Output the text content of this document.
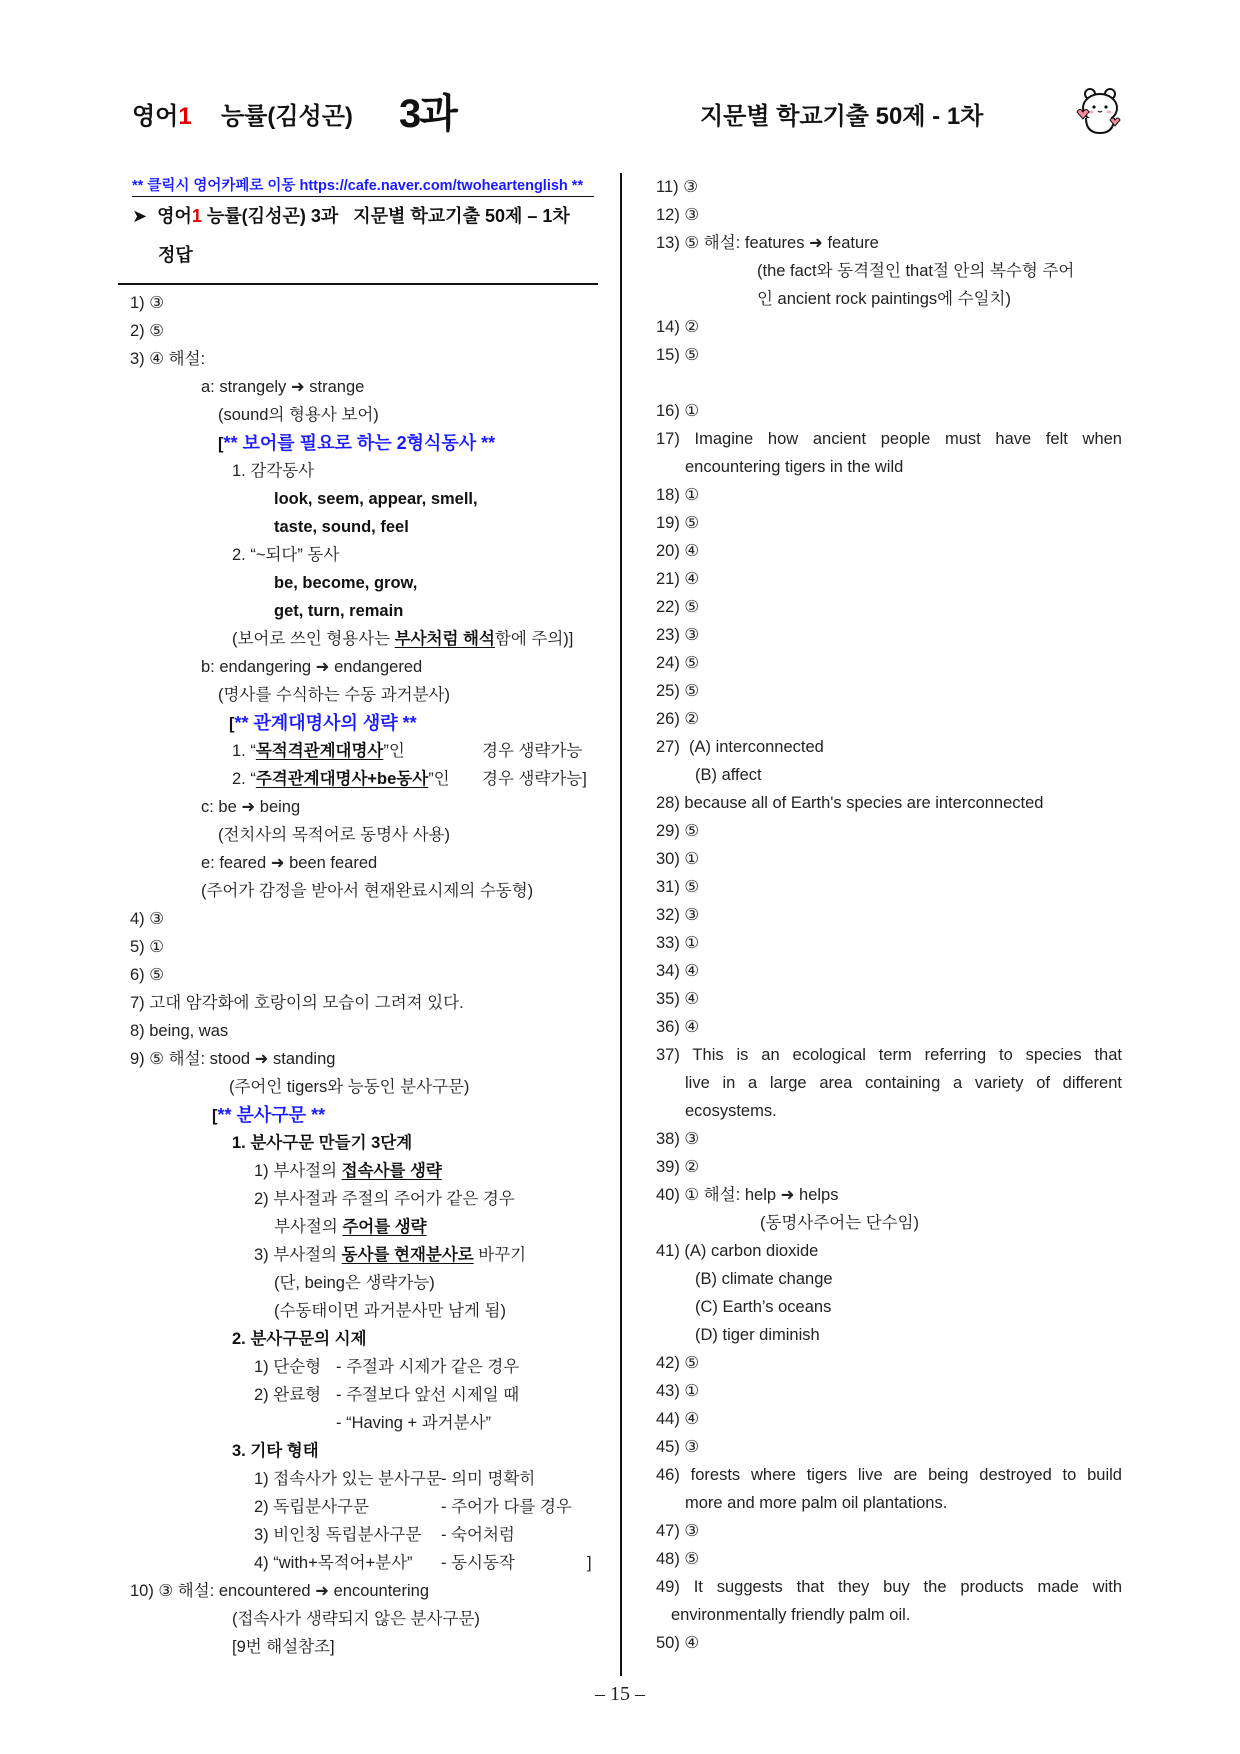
영어1 능률(김성곤) 3과	지문별 학교기출 50제 - 1차
** 클릭시 영어카페로 이동 https://cafe.naver.com/twoheartenglish **
➤ 영어1 능률(김성곤) 3과   지문별 학교기출 50제 – 1차
정답
1) ③
2) ⑤
3) ④ 해설:
a: strangely ➜ strange
(sound의 형용사 보어)
[** 보어를 필요로 하는 2형식동사 **
1. 감각동사
look, seem, appear, smell,
taste, sound, feel
2. “~되다” 동사
be, become, grow,
get, turn, remain
(보어로 쓰인 형용사는 부사처럼 해석함에 주의)]
b: endangering ➜ endangered
(명사를 수식하는 수동 과거분사)
[** 관계대명사의 생략 **
1. “목적격관계대명사”인	경우 생략가능
2. “주격관계대명사+be동사”인 경우 생략가능]
c: be ➜ being
(전치사의 목적어로 동명사 사용)
e: feared ➜ been feared
(주어가 감정을 받아서 현재완료시제의 수동형)
4) ③
5) ①
6) ⑤
7) 고대 암각화에 호랑이의 모습이 그려져 있다.
8) being, was
9) ⑤ 해설: stood ➜ standing
(주어인 tigers와 능동인 분사구문)
[** 분사구문 **
1. 분사구문 만들기 3단계
1) 부사절의 접속사를 생략
2) 부사절과 주절의 주어가 같은 경우
부사절의 주어를 생략
3) 부사절의 동사를 현재분사로 바꾸기
(단, being은 생략가능)
(수동태이면 과거분사만 남게 됨)
2. 분사구문의 시제
1) 단순형 - 주절과 시제가 같은 경우
2) 완료형 - 주절보다 앞선 시제일 때
- “Having + 과거분사”
3. 기타 형태
1) 접속사가 있는 분사구문 - 의미 명확히
2) 독립분사구문	- 주어가 다를 경우
3) 비인칭 독립분사구문 - 숙어처럼
4) “with+목적어+분사” - 동시동작	]
10) ③ 해설: encountered ➜ encountering
(접속사가 생략되지 않은 분사구문)
[9번 해설참조]
11) ③
12) ③
13) ⑤ 해설: features ➜ feature
(the fact와 동격절인 that절 안의 복수형 주어
인 ancient rock paintings에 수일치)
14) ②
15) ⑤
16) ①
17) Imagine how ancient people must have felt when
encountering tigers in the wild
18) ①
19) ⑤
20) ④
21) ④
22) ⑤
23) ③
24) ⑤
25) ⑤
26) ②
27)  (A) interconnected
(B) affect
28) because all of Earth's species are interconnected
29) ⑤
30) ①
31) ⑤
32) ③
33) ①
34) ④
35) ④
36) ④
37) This is an ecological term referring to species that
live in a large area containing a variety of different
ecosystems.
38) ③
39) ②
40) ① 해설: help ➜ helps
(동명사주어는 단수임)
41) (A) carbon dioxide
(B) climate change
(C) Earth’s oceans
(D) tiger diminish
42) ⑤
43) ①
44) ④
45) ③
46) forests where tigers live are being destroyed to build
more and more palm oil plantations.
47) ③
48) ⑤
49) It suggests that they buy the products made with
environmentally friendly palm oil.
50) ④
– 15 –
